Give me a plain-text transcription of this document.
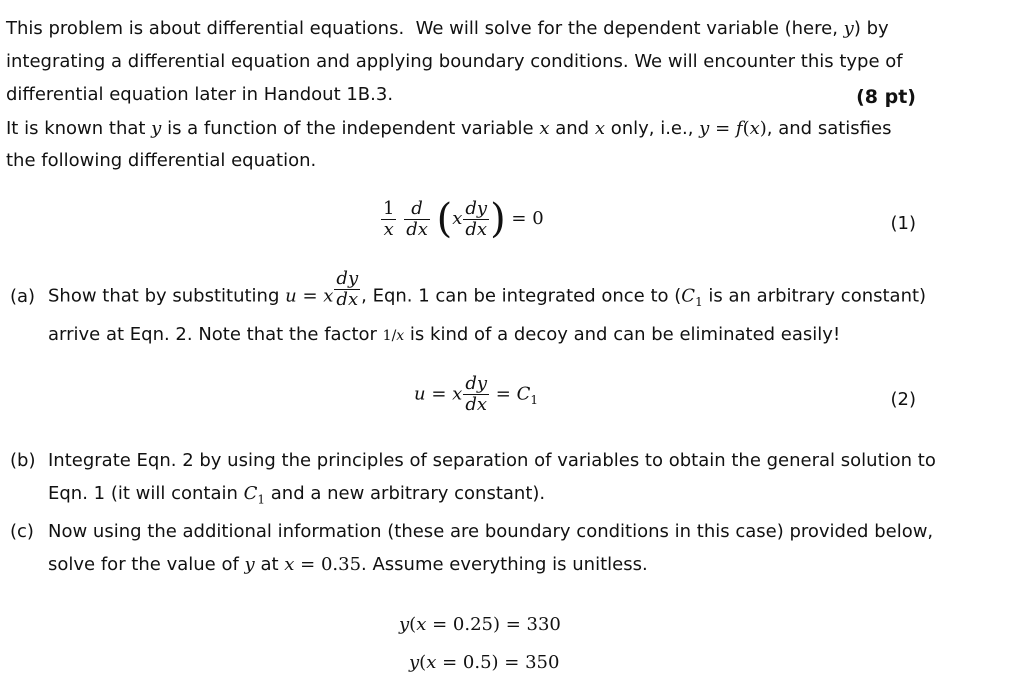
This problem is about differential equations.  We will solve for the dependent variable (here, y) by
integrating a differential equation and applying boundary conditions. We will encounter this type of
differential equation later in Handout 1B.3.	(8 pt)
It is known that y is a function of the independent variable x and x only, i.e., y = f(x), and satisfies
the following differential equation.
$\frac{1}{x}$
$\frac{d}{dx} (x \frac{dy}{dx}$ ) = 0	(1)
(a) Show that by substituting u = x $\frac{dy}{dx}$ , Eqn. 1 can be integrated once to ($C_1$ is an arbitrary constant)
arrive at Eqn. 2. Note that the factor 1/x is kind of a decoy and can be eliminated easily!
u = x $\frac{dy}{dx} = C_1$	(2)
(b) Integrate Eqn. 2 by using the principles of separation of variables to obtain the general solution to
Eqn. 1 (it will contain $C_1$ and a new arbitrary constant).
(c) Now using the additional information (these are boundary conditions in this case) provided below,
solve for the value of y at x = 0.35. Assume everything is unitless.
y(x = 0.25) = 330
y(x = 0.5) = 350
